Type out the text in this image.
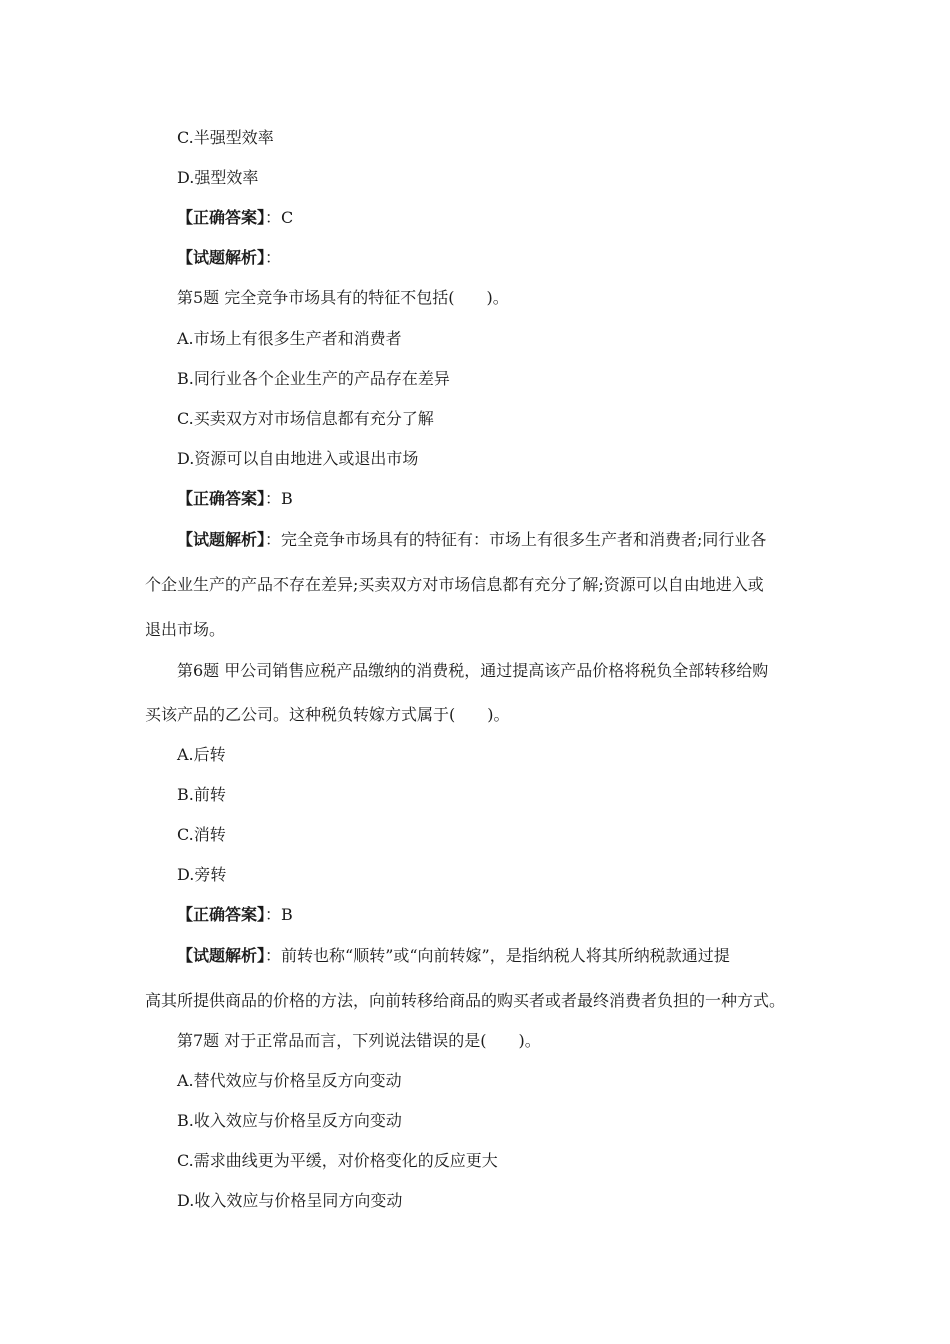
C.半强型效率
D.强型效率
【正确答案】：C
【试题解析】：
第5题 完全竞争市场具有的特征不包括(　　)。
A.市场上有很多生产者和消费者
B.同行业各个企业生产的产品存在差异
C.买卖双方对市场信息都有充分了解
D.资源可以自由地进入或退出市场
【正确答案】：B
【试题解析】：完全竞争市场具有的特征有：市场上有很多生产者和消费者;同行业各
个企业生产的产品不存在差异;买卖双方对市场信息都有充分了解;资源可以自由地进入或
退出市场。
第6题 甲公司销售应税产品缴纳的消费税，通过提高该产品价格将税负全部转移给购
买该产品的乙公司。这种税负转嫁方式属于(　　)。
A.后转
B.前转
C.消转
D.旁转
【正确答案】：B
【试题解析】：前转也称“顺转”或“向前转嫁”，是指纳税人将其所纳税款通过提
高其所提供商品的价格的方法，向前转移给商品的购买者或者最终消费者负担的一种方式。
第7题 对于正常品而言，下列说法错误的是(　　)。
A.替代效应与价格呈反方向变动
B.收入效应与价格呈反方向变动
C.需求曲线更为平缓，对价格变化的反应更大
D.收入效应与价格呈同方向变动
